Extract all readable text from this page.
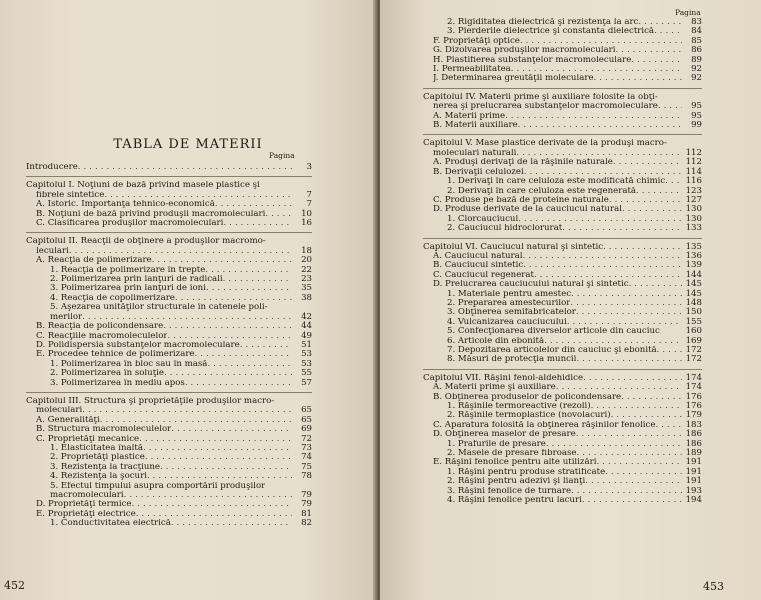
TABLA DE MATERII
Pagina
Introducere .....	3
Capitolul I. Noţiuni de bază privind masele plastice şi
fibrele sintetice .....	7
A. Istoric. Importanţa tehnico-economică .....	7
B. Noţiuni de bază privind produşii macromoleculari .....	10
C. Clasificarea produşilor macromoleculari .....	16
Capitolul II. Reacţii de obţinere a produşilor macromo-
leculari .....	18
A. Reacţia de polimerizare .....	20
1. Reacţia de polimerizare în trepte .....	22
2. Polimerizarea prin lanţuri de radicali .....	23
3. Polimerizarea prin lanţuri de ioni .....	35
4. Reacţia de copolimerizare .....	38
5. Aşezarea unităţilor structurale în catenele poli-
merilor .....	42
B. Reacţia de policondensare .....	44
C. Reacţiile macromoleculelor .....	49
D. Polidispersia substanţelor macromoleculare .....	51
E. Procedee tehnice de polimerizare .....	53
1. Polimerizarea în bloc sau în masă .....	53
2. Polimerizarea în soluţie .....	55
3. Polimerizarea în mediu apos .....	57
Capitolul III. Structura şi proprietăţile produşilor macro-
moleculari .....	65
A. Generalităţi .....	65
B. Structura macromoleculelor .....	69
C. Proprietăţi mecanice .....	72
1. Elasticitatea înaltă .....	73
2. Proprietăţi plastice .....	74
3. Rezistenţa la tracţiune .....	75
4. Rezistenţa la şocuri .....	78
5. Efectul timpului asupra comportării produşilor
macromoleculari .....	79
D. Proprietăţi termice .....	79
E. Proprietăţi electrice .....	81
1. Conductivitatea electrică .....	82
452
Pagina
453
2. Rigiditatea dielectrică şi rezistenţa la arc .....	83
3. Pierderile dielectrice şi constanta dielectrică .....	84
F. Proprietăţi optice .....	85
G. Dizolvarea produşilor macromoleculari .....	86
H. Plastifierea substanţelor macromoleculare .....	89
I. Permeabilitatea .....	92
J. Determinarea greutăţii moleculare .....	92
Capitolul IV. Materii prime şi auxiliare folosite la obţi-
nerea şi prelucrarea substanţelor macromoleculare .....	95
A. Materii prime .....	95
B. Materii auxiliare .....	99
Capitolul V. Mase plastice derivate de la produşi macro-
moleculari naturali .....	112
A. Produşi derivaţi de la răşinile naturale .....	112
B. Derivaţii celulozei .....	114
1. Derivaţi în care celuloza este modificată chimic .....	116
2. Derivaţi în care celuloza este regenerată .....	123
C. Produse pe bază de proteine naturale .....	127
D. Produse derivate de la cauciucul natural .....	130
1. Clorcauciucul .....	130
2. Cauciucul hidroclorurat .....	133
Capitolul VI. Cauciucul natural şi sintetic .....	135
A. Cauciucul natural .....	136
B. Cauciucul sintetic .....	139
C. Cauciucul regenerat .....	144
D. Prelucrarea cauciucului natural şi sintetic .....	145
1. Materiale pentru amestec .....	145
2. Prepararea amestecurilor .....	148
3. Obţinerea semifabricatelor .....	150
4. Vulcanizarea cauciucului .....	155
5. Confecţionarea diverselor articole din cauciuc	160
6. Articole din ebonită .....	169
7. Depozitarea articolelor din cauciuc şi ebonită .....	172
8. Măsuri de protecţia muncii .....	172
Capitolul VII. Răşini fenol-aldehidice .....	174
A. Materii prime şi auxiliare .....	174
B. Obţinerea produselor de policondensare .....	176
1. Răşinile termoreactive (rezoli) .....	176
2. Răşinile termoplastice (novolacuri) .....	179
C. Aparatura folosită la obţinerea răşinilor fenolice .....	183
D. Obţinerea maselor de presare .....	186
1. Prafurile de presare .....	186
2. Masele de presare fibroase .....	189
E. Răşini fenolice pentru alte utilizări .....	191
1. Răşini pentru produse stratificate .....	191
2. Răşini pentru adezivi şi lianţi .....	191
3. Răşini fenolice de turnare .....	193
4. Răşini fenolice pentru lacuri .....	194
